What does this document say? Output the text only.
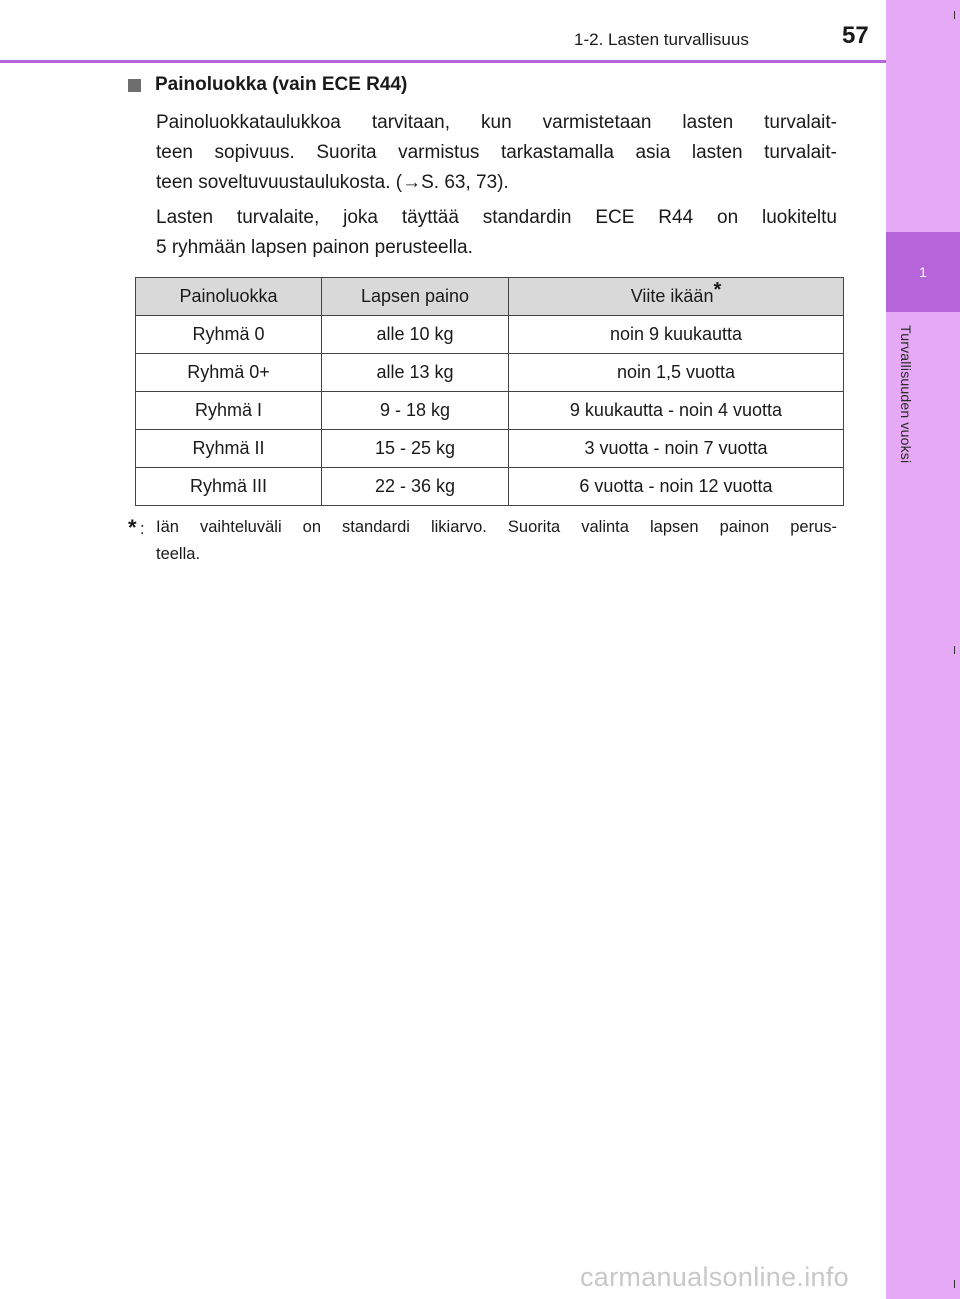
1
Turvallisuuden vuoksi
1-2. Lasten turvallisuus	57
Painoluokka (vain ECE R44)
Painoluokkataulukkoa tarvitaan, kun varmistetaan lasten turvalait-
teen sopivuus. Suorita varmistus tarkastamalla asia lasten turvalait-
teen soveltuvuustaulukosta. (→S. 63, 73).
Lasten turvalaite, joka täyttää standardin ECE R44 on luokiteltu
5 ryhmään lapsen painon perusteella.
Painoluokka	Lapsen paino	Viite ikään*
Ryhmä 0	alle 10 kg	noin 9 kuukautta
Ryhmä 0+	alle 13 kg	noin 1,5 vuotta
Ryhmä I	9 - 18 kg	9 kuukautta - noin 4 vuotta
Ryhmä II	15 - 25 kg	3 vuotta - noin 7 vuotta
Ryhmä III	22 - 36 kg	6 vuotta - noin 12 vuotta
* : Iän vaihteluväli on standardi likiarvo. Suorita valinta lapsen painon perus-
teella.
carmanualsonline.info
